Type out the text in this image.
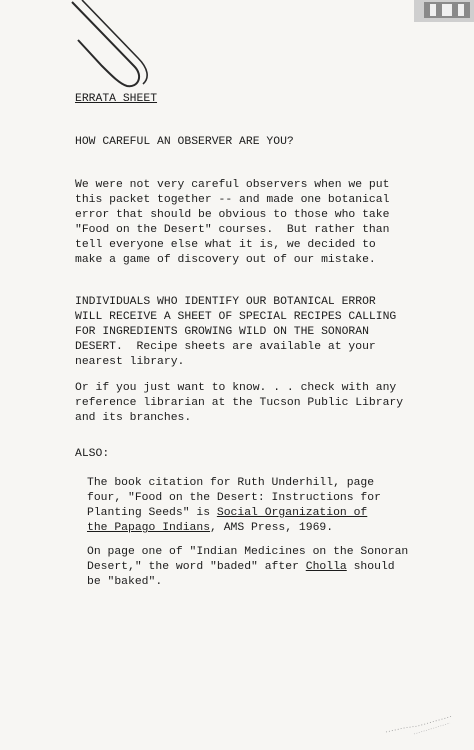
ERRATA SHEET
HOW CAREFUL AN OBSERVER ARE YOU?
We were not very careful observers when we put
this packet together -- and made one botanical
error that should be obvious to those who take
"Food on the Desert" courses.  But rather than
tell everyone else what it is, we decided to
make a game of discovery out of our mistake.
INDIVIDUALS WHO IDENTIFY OUR BOTANICAL ERROR
WILL RECEIVE A SHEET OF SPECIAL RECIPES CALLING
FOR INGREDIENTS GROWING WILD ON THE SONORAN
DESERT.  Recipe sheets are available at your
nearest library.
Or if you just want to know. . . check with any
reference librarian at the Tucson Public Library
and its branches.
ALSO:
The book citation for Ruth Underhill, page
four, "Food on the Desert: Instructions for
Planting Seeds" is Social Organization of
the Papago Indians, AMS Press, 1969.
On page one of "Indian Medicines on the Sonoran
Desert," the word "baded" after Cholla should
be "baked".
